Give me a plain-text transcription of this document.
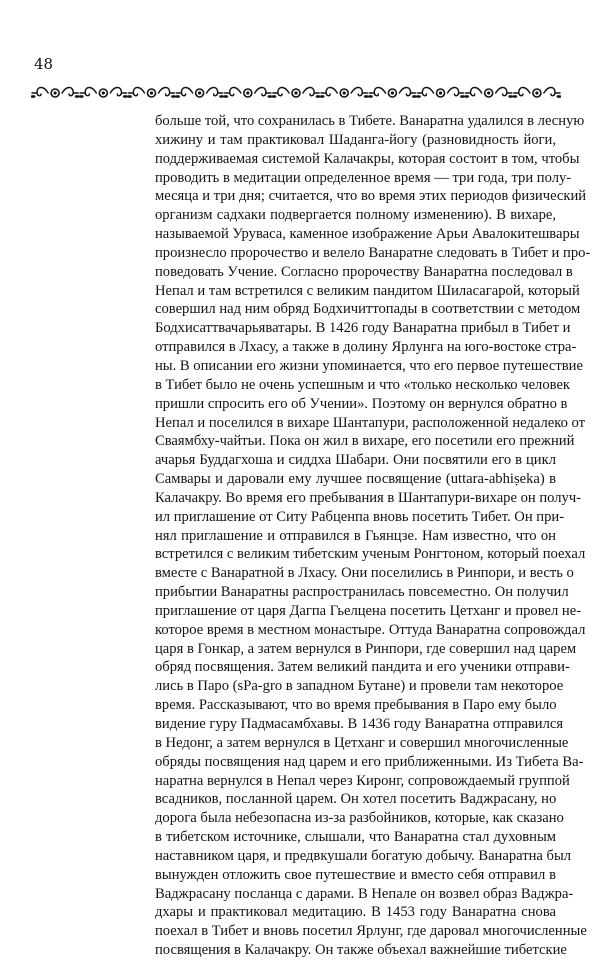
48
больше той, что сохранилась в Тибете. Ванаратна удалился в лесную
хижину и там практиковал Шаданга-йогу (разновидность йоги,
поддерживаемая системой Калачакры, которая состоит в том, чтобы
проводить в медитации определенное время — три года, три полу-
месяца и три дня; считается, что во время этих периодов физический
организм садхаки подвергается полному изменению). В вихаре,
называемой Уруваса, каменное изображение Арьи Авалокитешвары
произнесло пророчество и велело Ванаратне следовать в Тибет и про-
поведовать Учение. Согласно пророчеству Ванаратна последовал в
Непал и там встретился с великим пандитом Шиласагарой, который
совершил над ним обряд Бодхичиттопады в соответствии с методом
Бодхисаттвачарьяватары. В 1426 году Ванаратна прибыл в Тибет и
отправился в Лхасу, а также в долину Ярлунга на юго-востоке стра-
ны. В описании его жизни упоминается, что его первое путешествие
в Тибет было не очень успешным и что «только несколько человек
пришли спросить его об Учении». Поэтому он вернулся обратно в
Непал и поселился в вихаре Шантапури, расположенной недалеко от
Сваямбху-чайтьи. Пока он жил в вихаре, его посетили его прежний
ачарья Буддагхоша и сиддха Шабари. Они посвятили его в цикл
Самвары и даровали ему лучшее посвящение (uttara-abhiṣeka) в
Калачакру. Во время его пребывания в Шантапури-вихаре он получ-
ил приглашение от Ситу Рабценпа вновь посетить Тибет. Он при-
нял приглашение и отправился в Гьянцзе. Нам известно, что он
встретился с великим тибетским ученым Ронгтоном, который поехал
вместе с Ванаратной в Лхасу. Они поселились в Ринпори, и весть о
прибытии Ванаратны распространилась повсеместно. Он получил
приглашение от царя Дагпа Гьелцена посетить Цетханг и провел не-
которое время в местном монастыре. Оттуда Ванаратна сопровождал
царя в Гонкар, а затем вернулся в Ринпори, где совершил над царем
обряд посвящения. Затем великий пандита и его ученики отправи-
лись в Паро (sPa-gro в западном Бутане) и провели там некоторое
время. Рассказывают, что во время пребывания в Паро ему было
видение гуру Падмасамбхавы. В 1436 году Ванаратна отправился
в Недонг, а затем вернулся в Цетханг и совершил многочисленные
обряды посвящения над царем и его приближенными. Из Тибета Ва-
наратна вернулся в Непал через Киронг, сопровождаемый группой
всадников, посланной царем. Он хотел посетить Ваджрасану, но
дорога была небезопасна из-за разбойников, которые, как сказано
в тибетском источнике, слышали, что Ванаратна стал духовным
наставником царя, и предвкушали богатую добычу. Ванаратна был
вынужден отложить свое путешествие и вместо себя отправил в
Ваджрасану посланца с дарами. В Непале он возвел образ Ваджра-
дхары и практиковал медитацию. В 1453 году Ванаратна снова
поехал в Тибет и вновь посетил Ярлунг, где даровал многочисленные
посвящения в Калачакру. Он также объехал важнейшие тибетские
